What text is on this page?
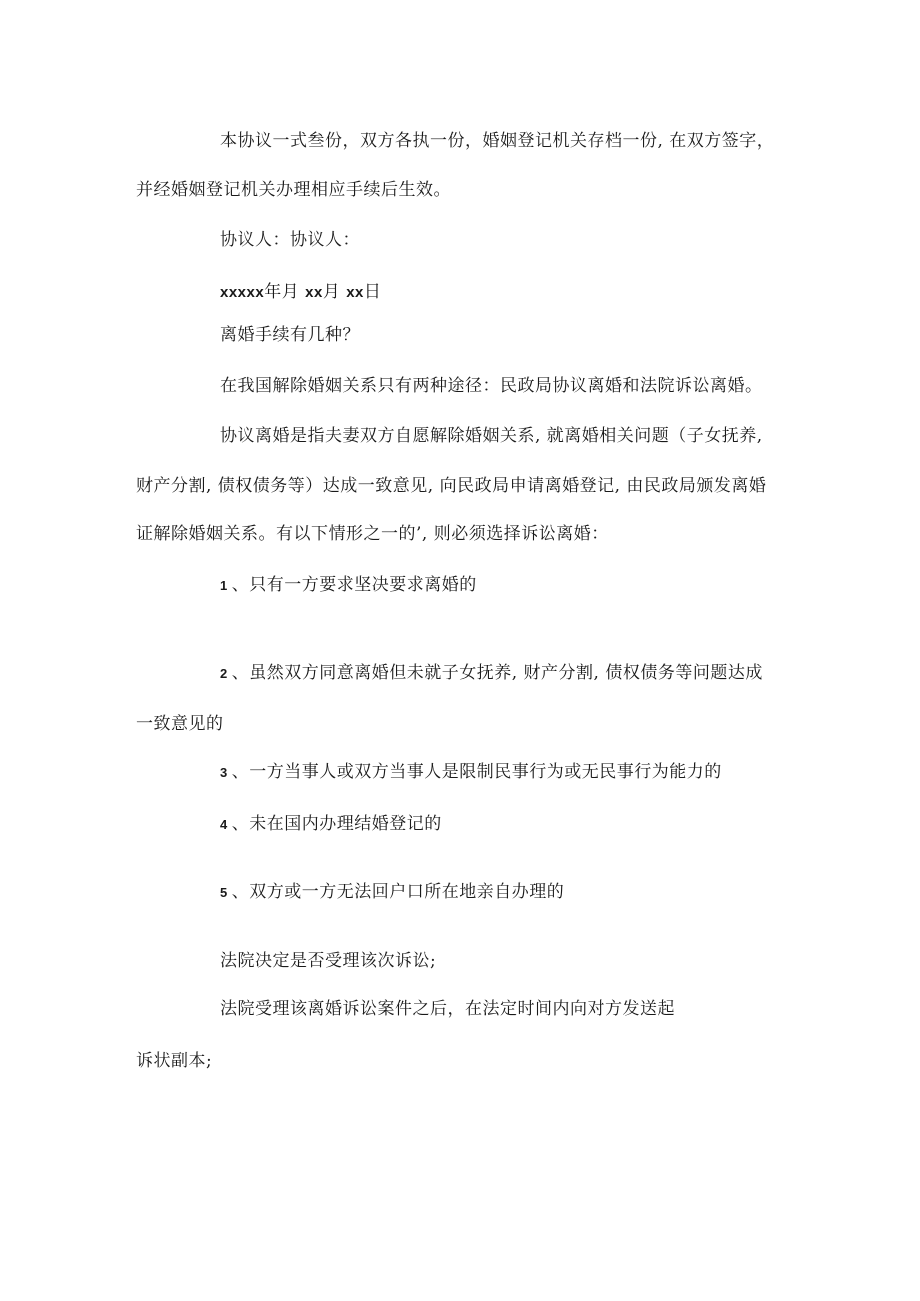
本协议一式叁份，双方各执一份，婚姻登记机关存档一份, 在双方签字，
并经婚姻登记机关办理相应手续后生效。
协议人：协议人：
xxxxx年月 xx月 xx日
离婚手续有几种？
在我国解除婚姻关系只有两种途径：民政局协议离婚和法院诉讼离婚。
协议离婚是指夫妻双方自愿解除婚姻关系, 就离婚相关问题（子女抚养,
财产分割, 债权债务等）达成一致意见, 向民政局申请离婚登记, 由民政局颁发离婚
证解除婚姻关系。有以下情形之一的’, 则必须选择诉讼离婚：
1 、只有一方要求坚决要求离婚的
2 、虽然双方同意离婚但未就子女抚养, 财产分割, 债权债务等问题达成
一致意见的
3 、一方当事人或双方当事人是限制民事行为或无民事行为能力的
4 、未在国内办理结婚登记的
5 、双方或一方无法回户口所在地亲自办理的
法院决定是否受理该次诉讼;
法院受理该离婚诉讼案件之后，在法定时间内向对方发送起
诉状副本;
